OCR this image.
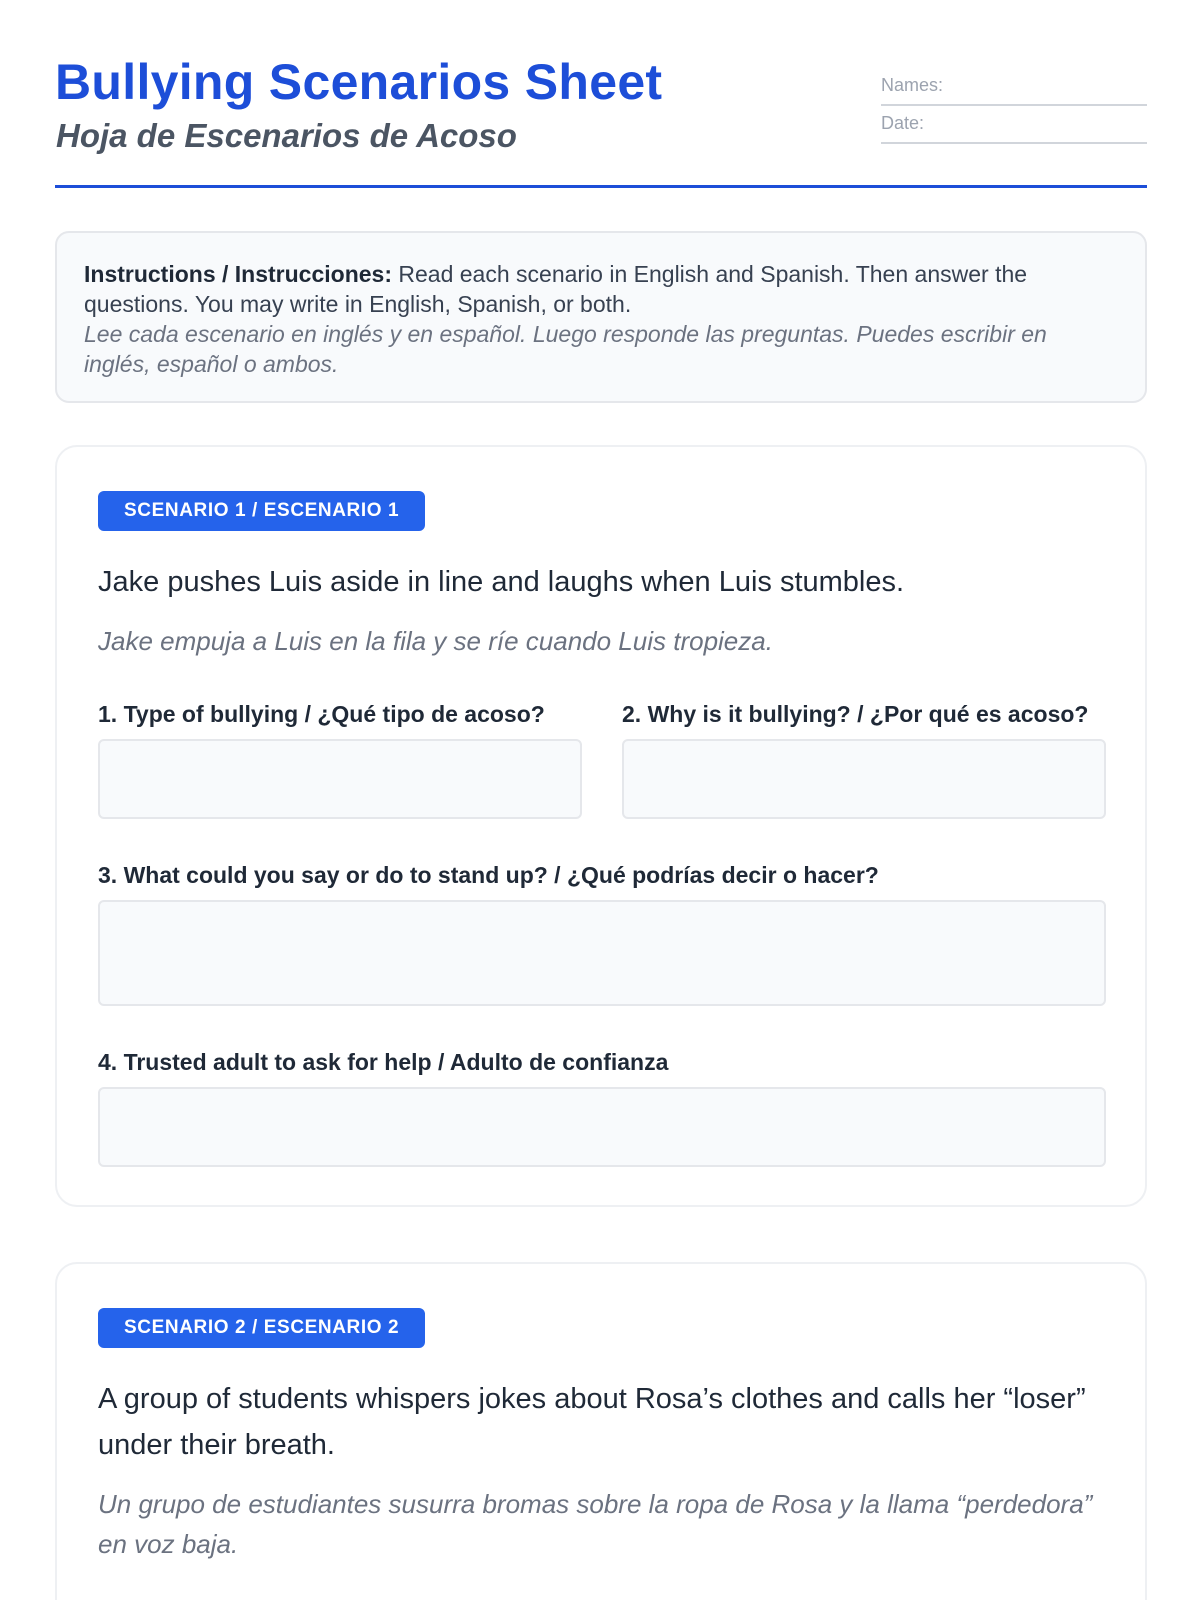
Bullying Scenarios Sheet
Hoja de Escenarios de Acoso
Names:
Date:
Instructions / Instrucciones: Read each scenario in English and Spanish. Then answer the questions. You may write in English, Spanish, or both.
Lee cada escenario en inglés y en español. Luego responde las preguntas. Puedes escribir en inglés, español o ambos.
SCENARIO 1 / ESCENARIO 1

Jake pushes Luis aside in line and laughs when Luis stumbles.

Jake empuja a Luis en la fila y se ríe cuando Luis tropieza.

1. Type of bullying / ¿Qué tipo de acoso?	2. Why is it bullying? / ¿Por qué es acoso?
3. What could you say or do to stand up? / ¿Qué podrías decir o hacer?
4. Trusted adult to ask for help / Adulto de confianza
SCENARIO 2 / ESCENARIO 2

A group of students whispers jokes about Rosa’s clothes and calls her “loser” under their breath.

Un grupo de estudiantes susurra bromas sobre la ropa de Rosa y la llama “perdedora” en voz baja.
